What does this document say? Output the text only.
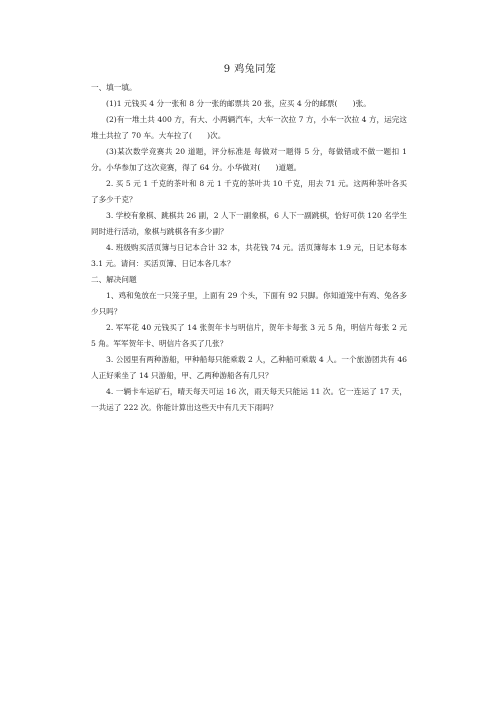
9 鸡兔同笼

一、填一填。

(1)1 元钱买 4 分一张和 8 分一张的邮票共 20 张，应买 4 分的邮票(　　)张。

(2)有一堆土共 400 方，有大、小两辆汽车，大车一次拉 7 方，小车一次拉 4 方，运完这堆土共拉了 70 车。大车拉了(　　)次。

(3)某次数学竞赛共 20 道题，评分标准是 每做对一题得 5 分，每做错或不做一题扣 1 分。小华参加了这次竞赛，得了 64 分。小华做对(　　)道题。

2. 买 5 元 1 千克的茶叶和 8 元 1 千克的茶叶共 10 千克，用去 71 元。这两种茶叶各买了多少千克？

3. 学校有象棋、跳棋共 26 副，2 人下一副象棋，6 人下一副跳棋，恰好可供 120 名学生同时进行活动，象棋与跳棋各有多少副？

4. 班级购买活页簿与日记本合计 32 本，共花钱 74 元。活页簿每本 1.9 元，日记本每本 3.1 元。请问：买活页簿、日记本各几本？

二、解决问题

1、鸡和兔放在一只笼子里，上面有 29 个头，下面有 92 只脚。你知道笼中有鸡、兔各多少只吗？

2. 军军花 40 元钱买了 14 张贺年卡与明信片，贺年卡每张 3 元 5 角，明信片每张 2 元 5 角。军军贺年卡、明信片各买了几张？

3. 公园里有两种游船，甲种船每只能乘载 2 人，乙种船可乘载 4 人。一个旅游团共有 46 人正好乘坐了 14 只游船，甲、乙两种游船各有几只？

4. 一辆卡车运矿石，晴天每天可运 16 次，雨天每天只能运 11 次。它一连运了 17 天，一共运了 222 次。你能计算出这些天中有几天下雨吗？
